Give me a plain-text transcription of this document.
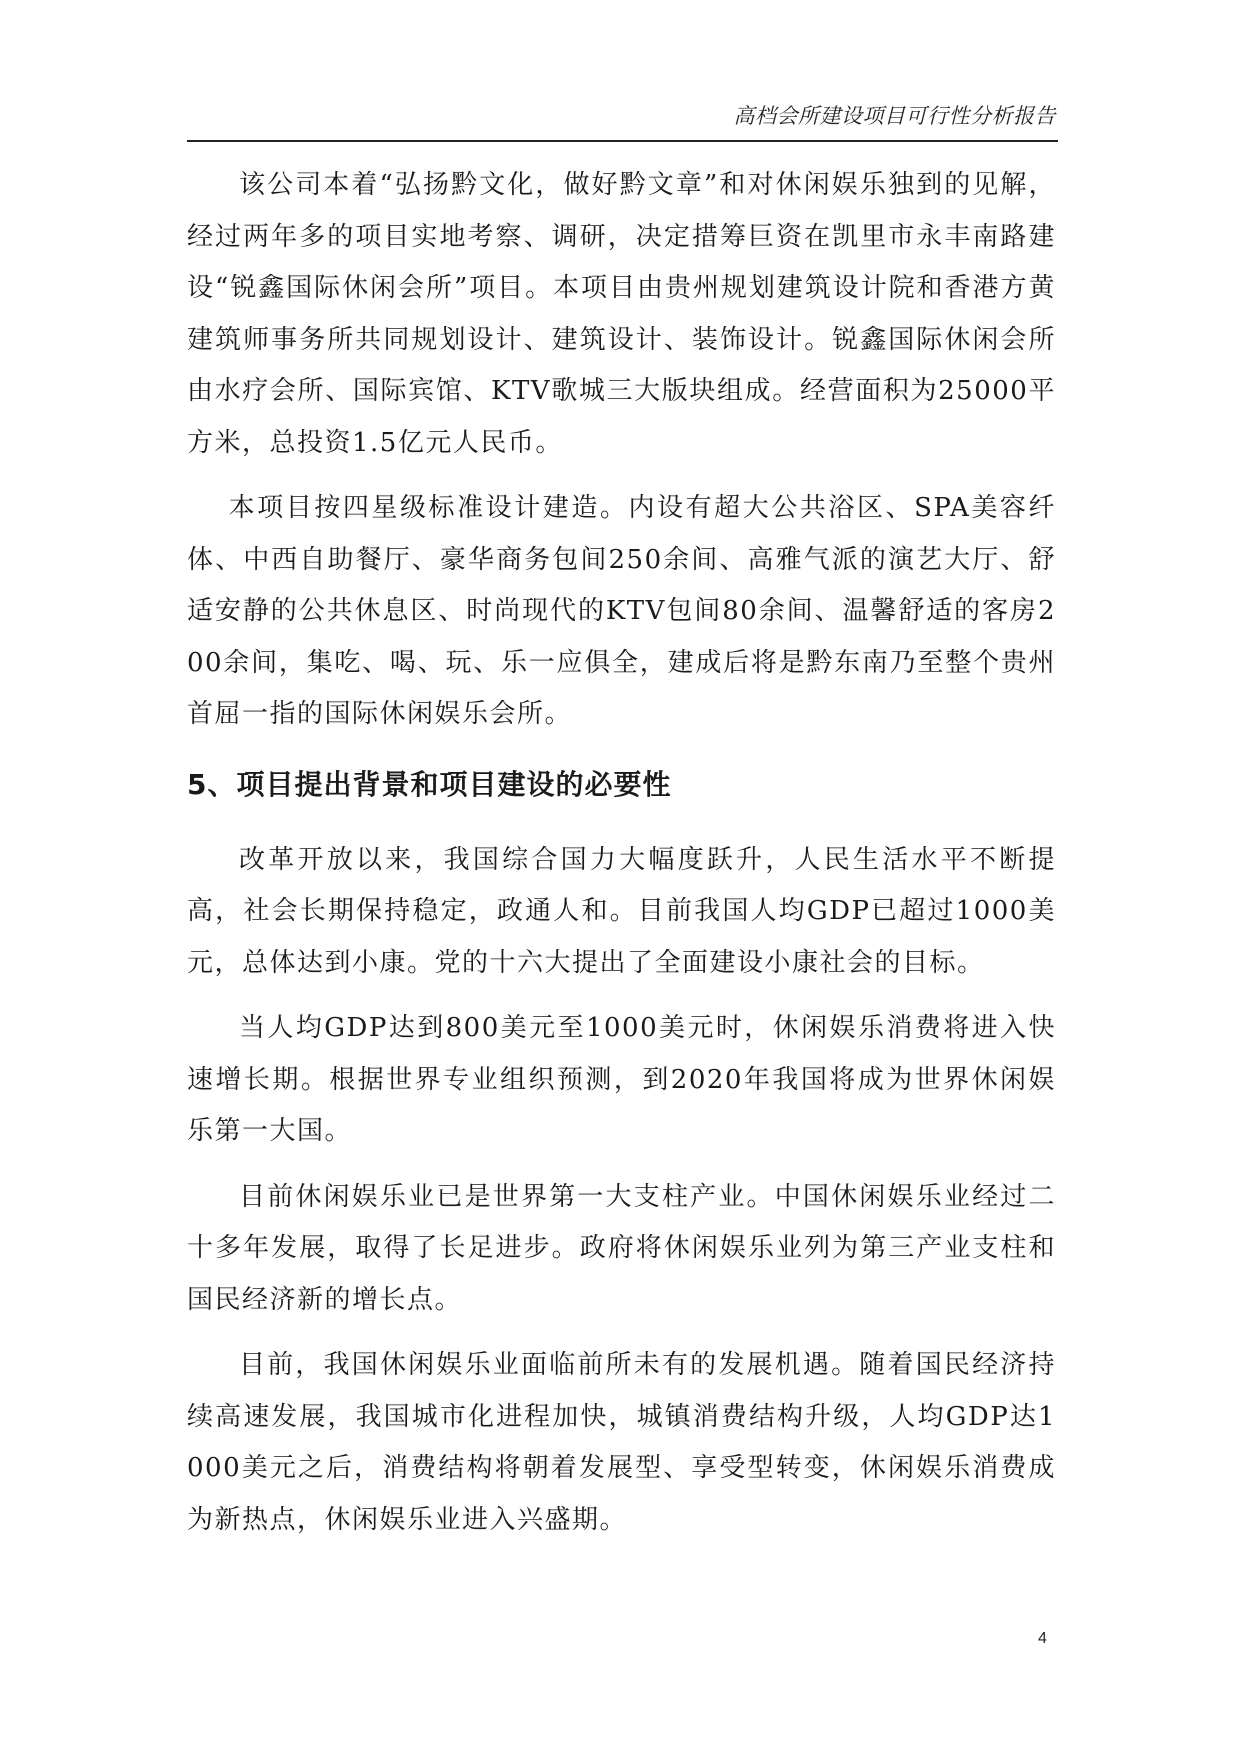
高档会所建设项目可行性分析报告

该公司本着“弘扬黔文化，做好黔文章”和对休闲娱乐独到的见解，经过两年多的项目实地考察、调研，决定措筹巨资在凯里市永丰南路建设“锐鑫国际休闲会所”项目。本项目由贵州规划建筑设计院和香港方黄建筑师事务所共同规划设计、建筑设计、装饰设计。锐鑫国际休闲会所由水疗会所、国际宾馆、KTV歌城三大版块组成。经营面积为25000平方米，总投资1.5亿元人民币。

本项目按四星级标准设计建造。内设有超大公共浴区、SPA美容纤体、中西自助餐厅、豪华商务包间250余间、高雅气派的演艺大厅、舒适安静的公共休息区、时尚现代的KTV包间80余间、温馨舒适的客房200余间，集吃、喝、玩、乐一应俱全，建成后将是黔东南乃至整个贵州首屈一指的国际休闲娱乐会所。

5、项目提出背景和项目建设的必要性

改革开放以来，我国综合国力大幅度跃升，人民生活水平不断提高，社会长期保持稳定，政通人和。目前我国人均GDP已超过1000美元，总体达到小康。党的十六大提出了全面建设小康社会的目标。

当人均GDP达到800美元至1000美元时，休闲娱乐消费将进入快速增长期。根据世界专业组织预测，到2020年我国将成为世界休闲娱乐第一大国。

目前休闲娱乐业已是世界第一大支柱产业。中国休闲娱乐业经过二十多年发展，取得了长足进步。政府将休闲娱乐业列为第三产业支柱和国民经济新的增长点。

目前，我国休闲娱乐业面临前所未有的发展机遇。随着国民经济持续高速发展，我国城市化进程加快，城镇消费结构升级，人均GDP达1000美元之后，消费结构将朝着发展型、享受型转变，休闲娱乐消费成为新热点，休闲娱乐业进入兴盛期。

4
